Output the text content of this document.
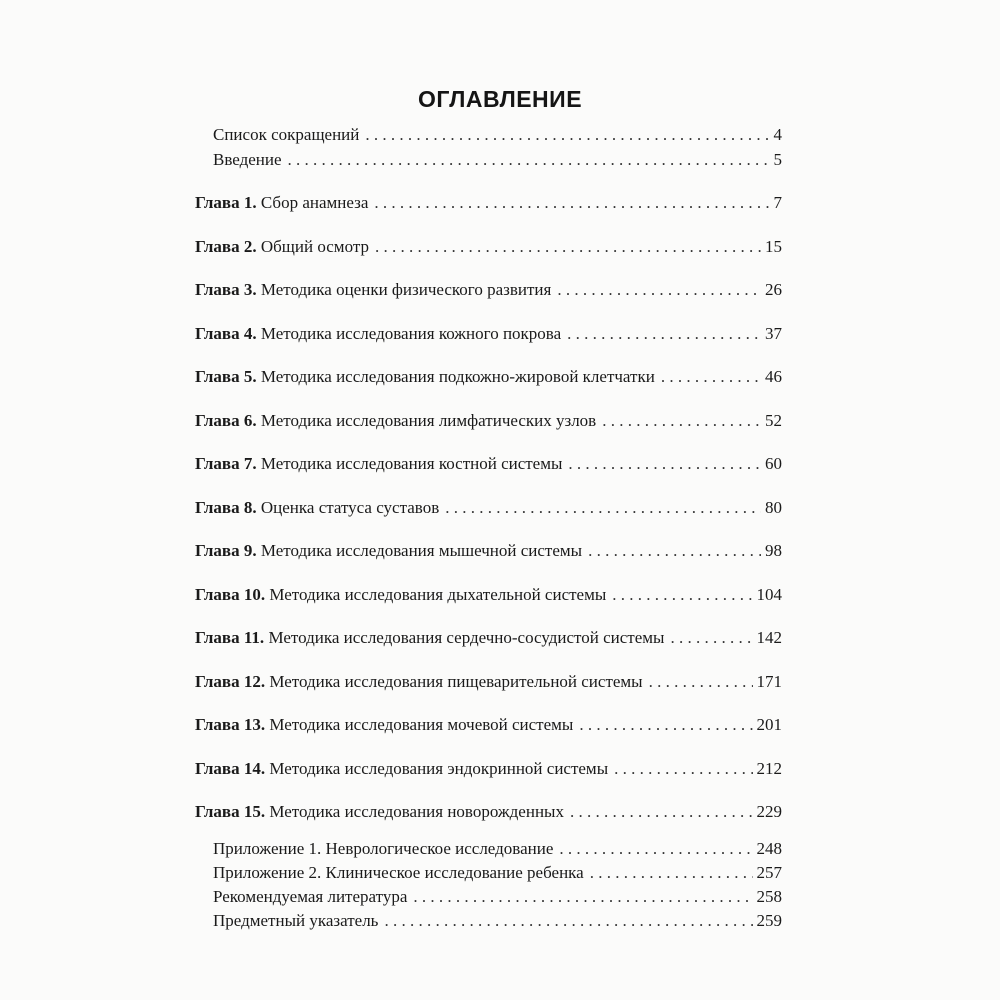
ОГЛАВЛЕНИЕ
Список сокращений . . .	4
Введение . . .	5
Глава 1. Сбор анамнеза . . .	7
Глава 2. Общий осмотр . . .	15
Глава 3. Методика оценки физического развития . . .	26
Глава 4. Методика исследования кожного покрова . . .	37
Глава 5. Методика исследования подкожно-жировой клетчатки . . .	46
Глава 6. Методика исследования лимфатических узлов . . .	52
Глава 7. Методика исследования костной системы . . .	60
Глава 8. Оценка статуса суставов . . .	80
Глава 9. Методика исследования мышечной системы . . .	98
Глава 10. Методика исследования дыхательной системы . . .	104
Глава 11. Методика исследования сердечно-сосудистой системы . . .	142
Глава 12. Методика исследования пищеварительной системы . . .	171
Глава 13. Методика исследования мочевой системы . . .	201
Глава 14. Методика исследования эндокринной системы . . .	212
Глава 15. Методика исследования новорожденных . . .	229
Приложение 1. Неврологическое исследование . . .	248
Приложение 2. Клиническое исследование ребенка . . .	257
Рекомендуемая литература . . .	258
Предметный указатель . . .	259
